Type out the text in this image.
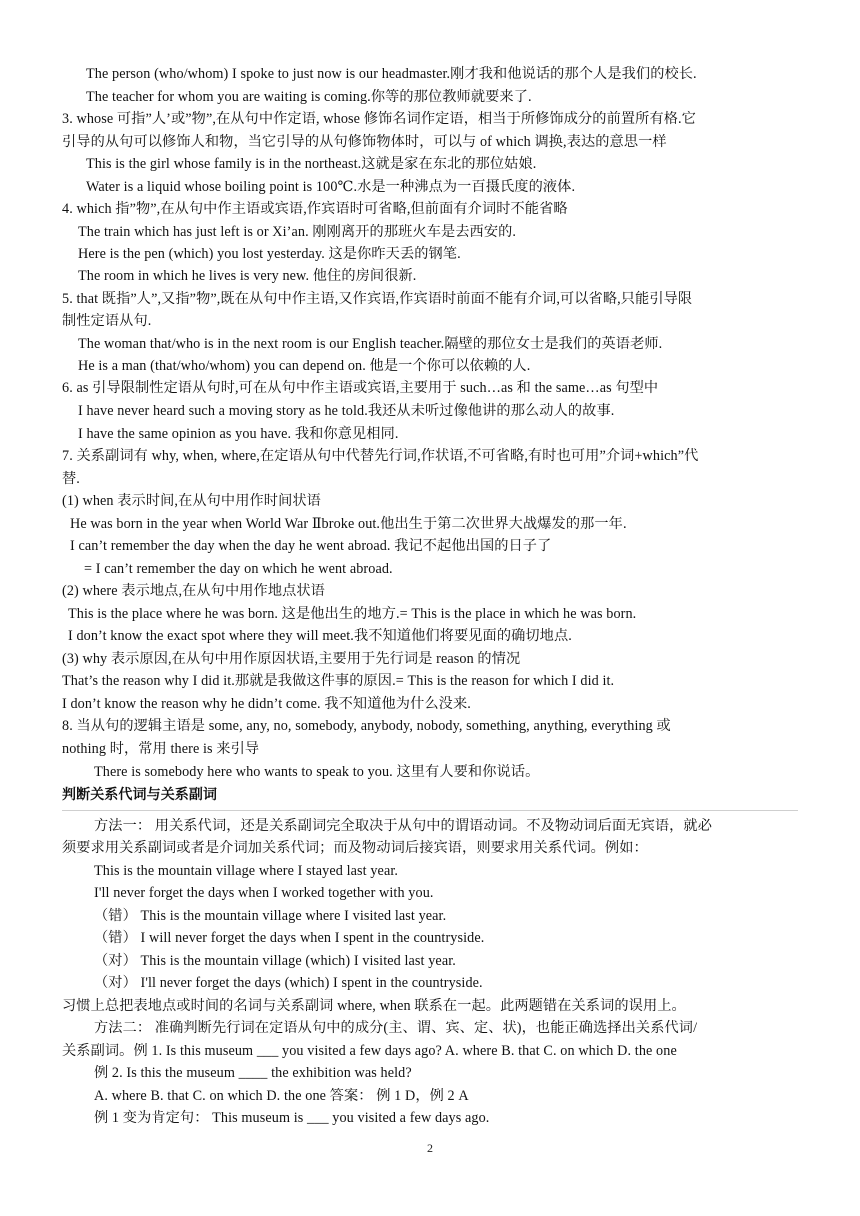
The person (who/whom) I spoke to just now is our headmaster.刚才我和他说话的那个人是我们的校长.
The teacher for whom you are waiting is coming.你等的那位教师就要来了.
3. whose 可指”人’或”物”,在从句中作定语, whose 修饰名词作定语，相当于所修饰成分的前置所有格.它
引导的从句可以修饰人和物，当它引导的从句修饰物体时，可以与 of which 调换,表达的意思一样
This is the girl whose family is in the northeast.这就是家在东北的那位姑娘.
Water is a liquid whose boiling point is 100℃.水是一种沸点为一百摄氏度的液体.
4. which 指”物”,在从句中作主语或宾语,作宾语时可省略,但前面有介词时不能省略
The train which has just left is or Xi’an. 刚刚离开的那班火车是去西安的.
Here is the pen (which) you lost yesterday. 这是你昨天丢的钢笔.
The room in which he lives is very new. 他住的房间很新.
5. that 既指”人”,又指”物”,既在从句中作主语,又作宾语,作宾语时前面不能有介词,可以省略,只能引导限
制性定语从句.
The woman that/who is in the next room is our English teacher.隔壁的那位女士是我们的英语老师.
He is a man (that/who/whom) you can depend on. 他是一个你可以依赖的人.
6. as 引导限制性定语从句时,可在从句中作主语或宾语,主要用于 such…as 和 the same…as 句型中
I have never heard such a moving story as he told.我还从未听过像他讲的那么动人的故事.
I have the same opinion as you have. 我和你意见相同.
7. 关系副词有 why, when, where,在定语从句中代替先行词,作状语,不可省略,有时也可用”介词+which”代
替.
(1) when 表示时间,在从句中用作时间状语
He was born in the year when World War Ⅱbroke out.他出生于第二次世界大战爆发的那一年.
I can’t remember the day when the day he went abroad. 我记不起他出国的日子了
= I can’t remember the day on which he went abroad.
(2) where 表示地点,在从句中用作地点状语
This is the place where he was born. 这是他出生的地方.= This is the place in which he was born.
I don’t know the exact spot where they will meet.我不知道他们将要见面的确切地点.
(3) why 表示原因,在从句中用作原因状语,主要用于先行词是 reason 的情况
That’s the reason why I did it.那就是我做这件事的原因.= This is the reason for which I did it.
I don’t know the reason why he didn’t come. 我不知道他为什么没来.
8. 当从句的逻辑主语是 some, any, no, somebody, anybody, nobody, something, anything, everything 或
nothing 时，常用 there is 来引导
There is somebody here who wants to speak to you. 这里有人要和你说话。
判断关系代词与关系副词
方法一： 用关系代词，还是关系副词完全取决于从句中的谓语动词。不及物动词后面无宾语，就必
须要求用关系副词或者是介词加关系代词；而及物动词后接宾语，则要求用关系代词。例如：
This is the mountain village where I stayed last year.
I'll never forget the days when I worked together with you.
（错） This is the mountain village where I visited last year.
（错） I will never forget the days when I spent in the countryside.
（对） This is the mountain village (which) I visited last year.
（对） I'll never forget the days (which) I spent in the countryside.
习惯上总把表地点或时间的名词与关系副词 where, when 联系在一起。此两题错在关系词的误用上。
方法二： 准确判断先行词在定语从句中的成分(主、谓、宾、定、状)，也能正确选择出关系代词/
关系副词。例 1. Is this museum ___ you visited a few days ago? A. where B. that C. on which D. the one
例 2. Is this the museum ____ the exhibition was held?
A. where B. that C. on which D. the one 答案： 例 1 D，例 2 A
例 1 变为肯定句： This museum is ___ you visited a few days ago.
2
